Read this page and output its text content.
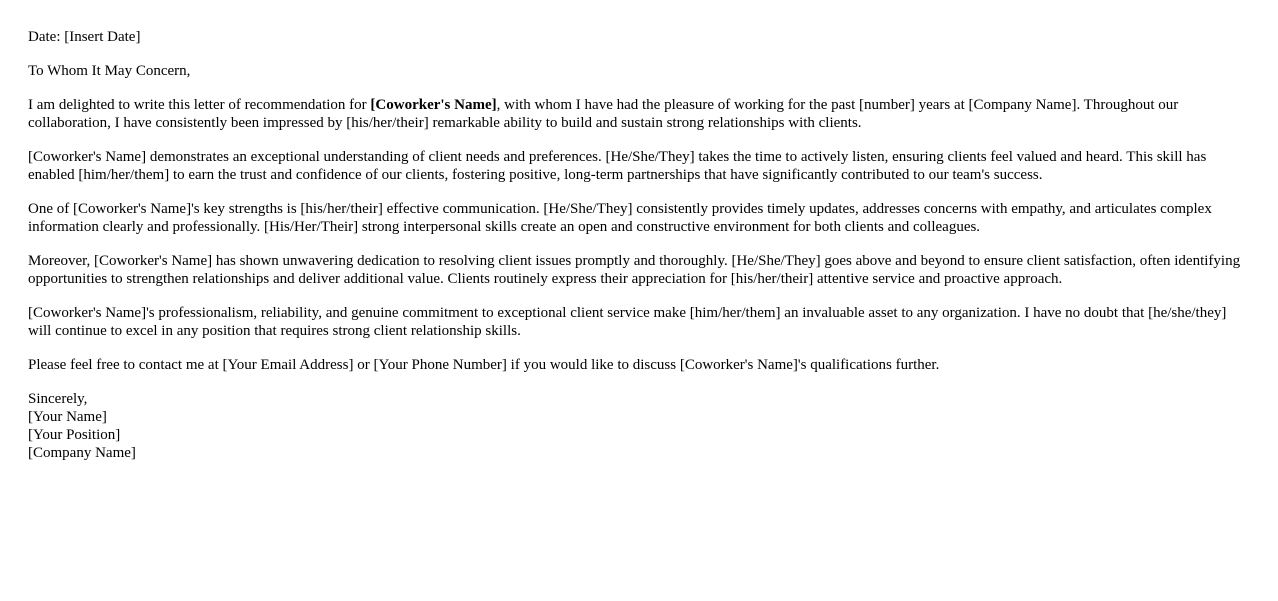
Date: [Insert Date]

To Whom It May Concern,

I am delighted to write this letter of recommendation for [Coworker's Name], with whom I have had the pleasure of working for the past [number] years at [Company Name]. Throughout our collaboration, I have consistently been impressed by [his/her/their] remarkable ability to build and sustain strong relationships with clients.

[Coworker's Name] demonstrates an exceptional understanding of client needs and preferences. [He/She/They] takes the time to actively listen, ensuring clients feel valued and heard. This skill has enabled [him/her/them] to earn the trust and confidence of our clients, fostering positive, long-term partnerships that have significantly contributed to our team's success.

One of [Coworker's Name]'s key strengths is [his/her/their] effective communication. [He/She/They] consistently provides timely updates, addresses concerns with empathy, and articulates complex information clearly and professionally. [His/Her/Their] strong interpersonal skills create an open and constructive environment for both clients and colleagues.

Moreover, [Coworker's Name] has shown unwavering dedication to resolving client issues promptly and thoroughly. [He/She/They] goes above and beyond to ensure client satisfaction, often identifying opportunities to strengthen relationships and deliver additional value. Clients routinely express their appreciation for [his/her/their] attentive service and proactive approach.

[Coworker's Name]'s professionalism, reliability, and genuine commitment to exceptional client service make [him/her/them] an invaluable asset to any organization. I have no doubt that [he/she/they] will continue to excel in any position that requires strong client relationship skills.

Please feel free to contact me at [Your Email Address] or [Your Phone Number] if you would like to discuss [Coworker's Name]'s qualifications further.

Sincerely,

[Your Name]

[Your Position]

[Company Name]
